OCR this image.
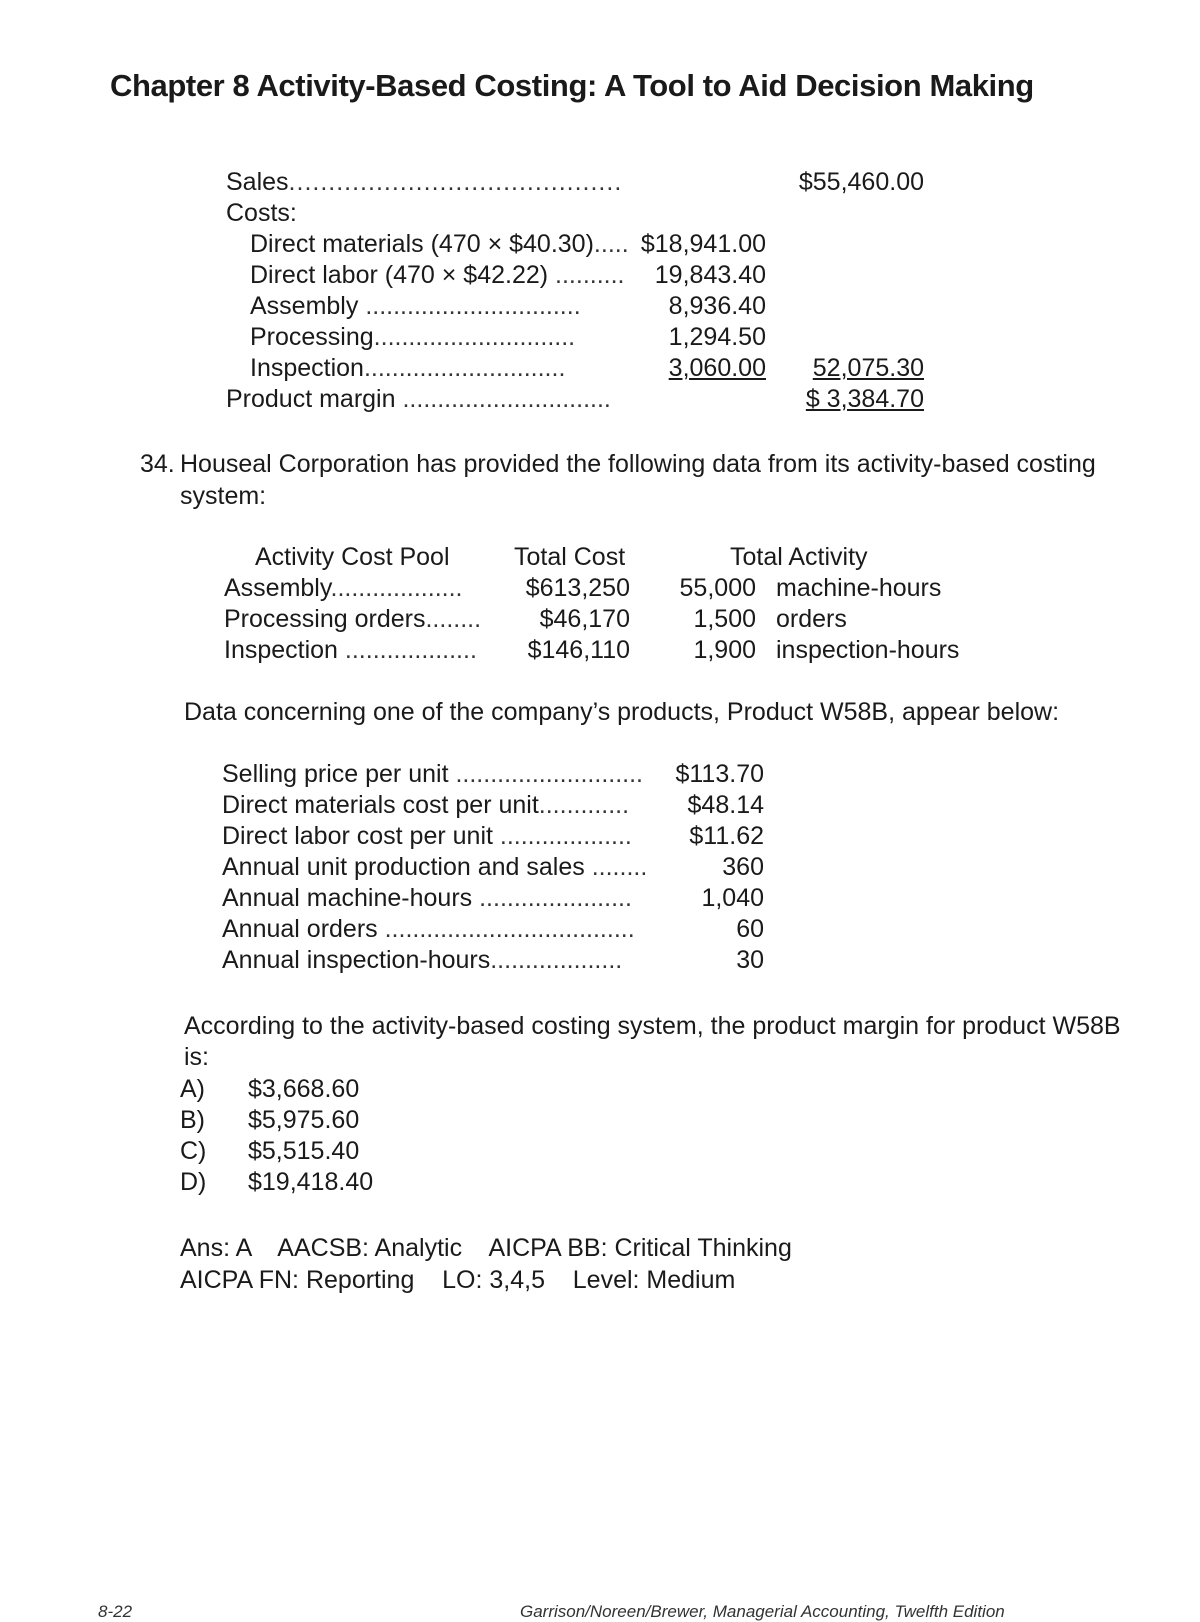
Chapter 8 Activity-Based Costing: A Tool to Aid Decision Making
Sales..........................................	$55,460.00
Costs:
Direct materials (470 × $40.30)..... $18,941.00
Direct labor (470 × $42.22) ..........	19,843.40
Assembly ...............................	8,936.40
Processing.............................	1,294.50
Inspection.............................	3,060.00	52,075.30
Product margin ..............................	$ 3,384.70
34. Houseal Corporation has provided the following data from its activity-based costing
system:
Activity Cost Pool	Total Cost	Total Activity
Assembly...................	$613,250	55,000 machine-hours
Processing orders........	$46,170	1,500 orders
Inspection ...................	$146,110	1,900 inspection-hours
Data concerning one of the company’s products, Product W58B, appear below:
Selling price per unit ...........................	$113.70
Direct materials cost per unit.............	$48.14
Direct labor cost per unit ...................	$11.62
Annual unit production and sales ........	360
Annual machine-hours ......................	1,040
Annual orders ....................................	60
Annual inspection-hours...................	30
According to the activity-based costing system, the product margin for product W58B
is:
A) $3,668.60
B) $5,975.60
C) $5,515.40
D) $19,418.40
Ans: A    AACSB: Analytic    AICPA BB: Critical Thinking
AICPA FN: Reporting    LO: 3,4,5    Level: Medium
8-22	Garrison/Noreen/Brewer, Managerial Accounting, Twelfth Edition
